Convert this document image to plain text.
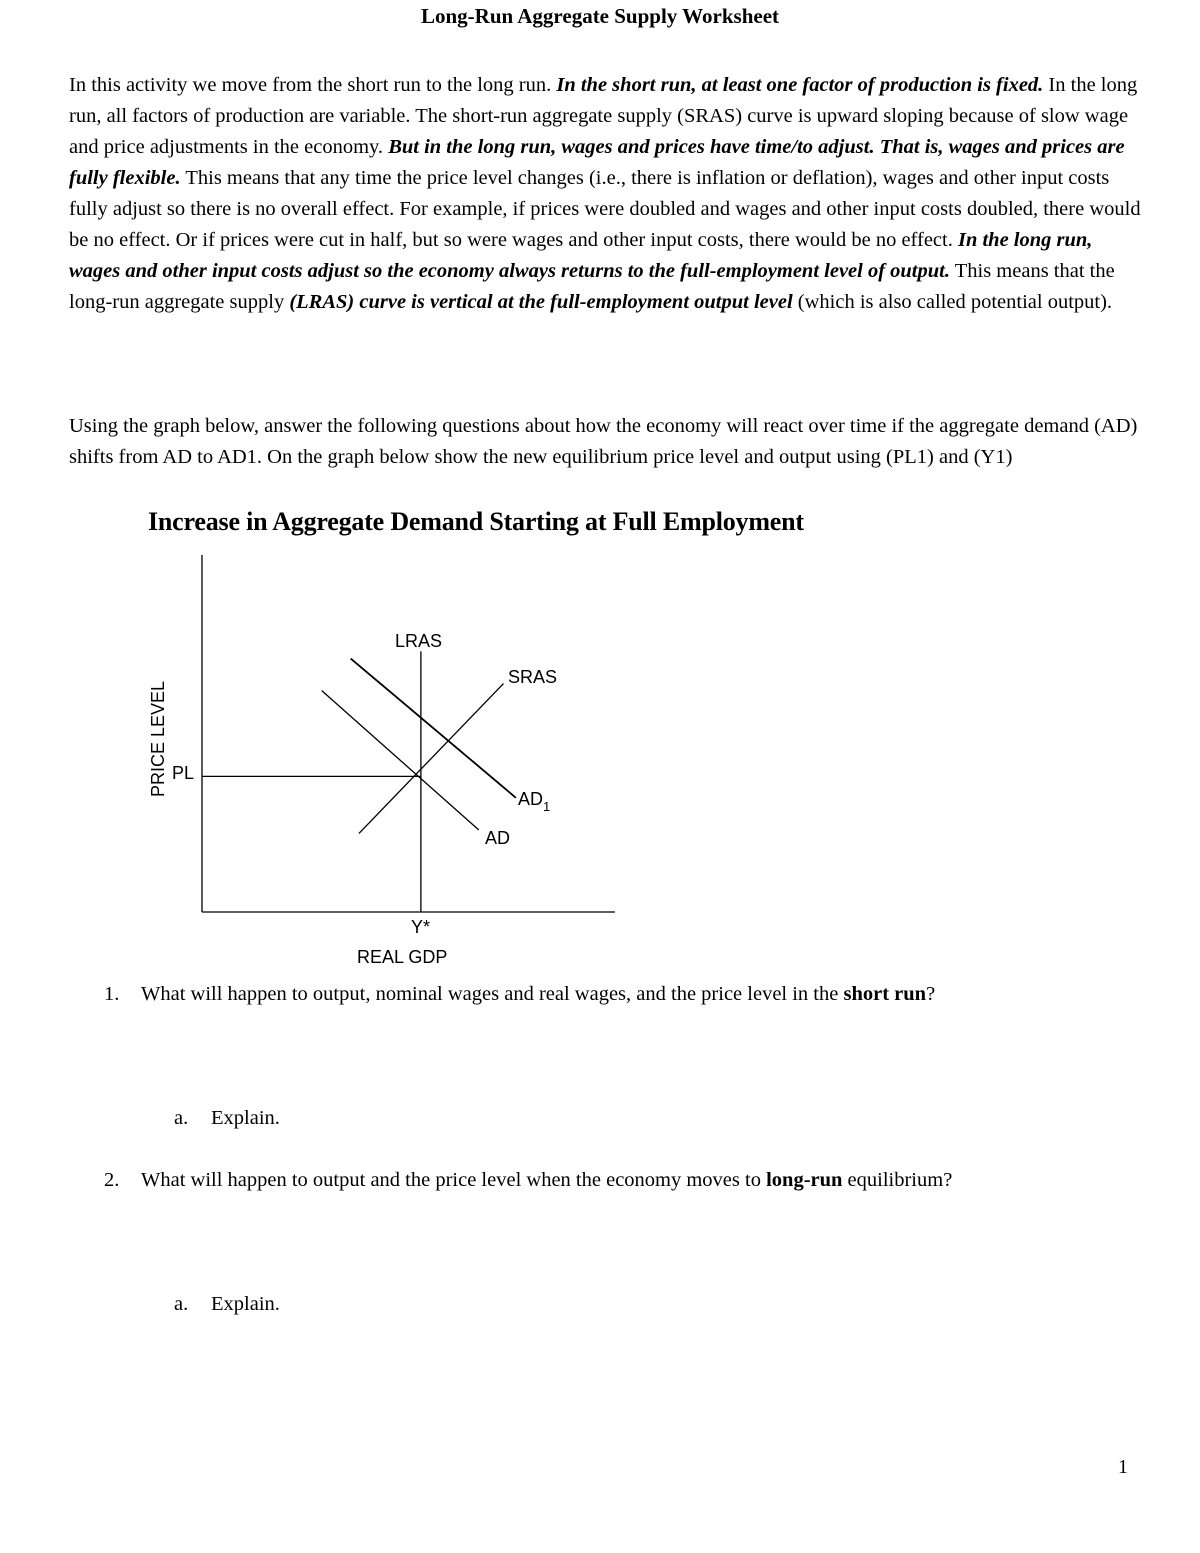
Long-Run Aggregate Supply Worksheet
In this activity we move from the short run to the long run. In the short run, at least one factor of production is fixed. In the long run, all factors of production are variable. The short-run aggregate supply (SRAS) curve is upward sloping because of slow wage and price adjustments in the economy. But in the long run, wages and prices have time/to adjust. That is, wages and prices are fully flexible. This means that any time the price level changes (i.e., there is inflation or deflation), wages and other input costs fully adjust so there is no overall effect. For example, if prices were doubled and wages and other input costs doubled, there would be no effect. Or if prices were cut in half, but so were wages and other input costs, there would be no effect. In the long run, wages and other input costs adjust so the economy always returns to the full-employment level of output. This means that the long-run aggregate supply (LRAS) curve is vertical at the full-employment output level (which is also called potential output).
Using the graph below, answer the following questions about how the economy will react over time if the aggregate demand (AD) shifts from AD to AD1. On the graph below show the new equilibrium price level and output using (PL1) and (Y1)
Increase in Aggregate Demand Starting at Full Employment
LRAS
SRAS
AD
$AD_1$
PL
Y*
REAL GDP
PRICE LEVEL
1. What will happen to output, nominal wages and real wages, and the price level in the short run?
a. Explain.
2. What will happen to output and the price level when the economy moves to long-run equilibrium?
a. Explain.
1
